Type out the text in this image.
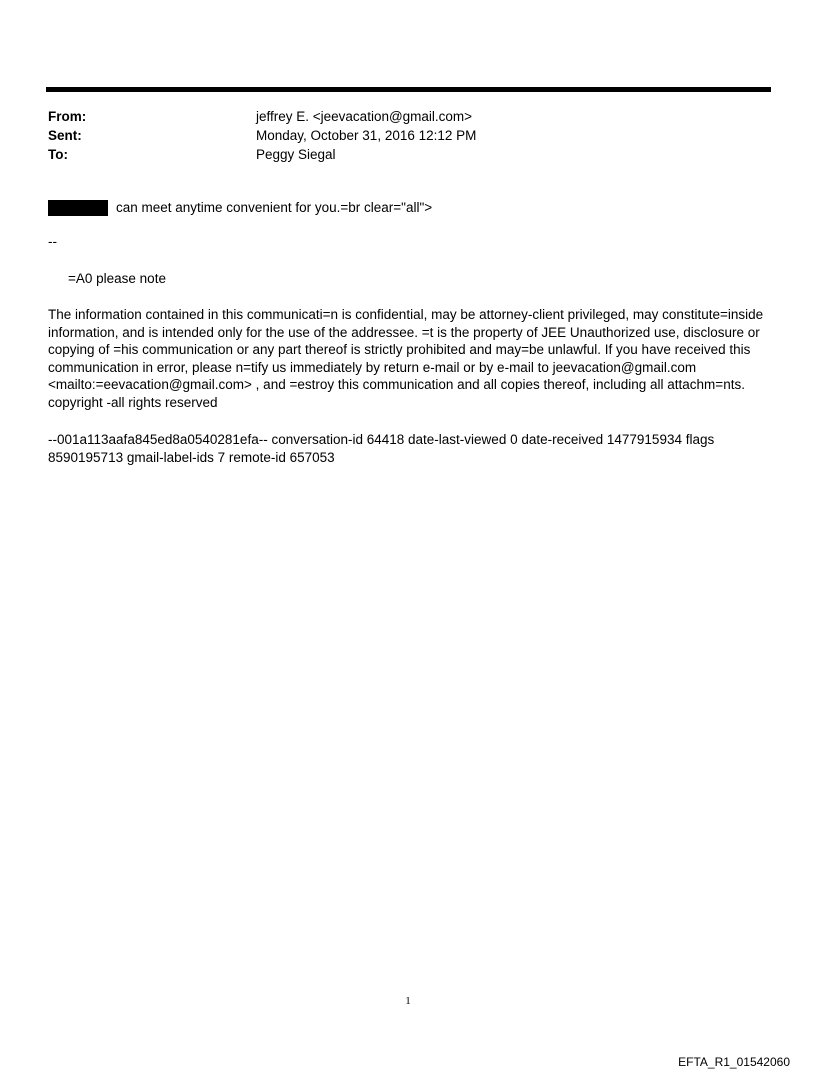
From:	jeffrey E. <jeevacation@gmail.com>
Sent:	Monday, October 31, 2016 12:12 PM
To:	Peggy Siegal
can meet anytime convenient for you.=br clear="all">
--
=A0 please note
The information contained in this communicati=n is confidential, may be attorney-client privileged, may constitute=inside information, and is intended only for the use of the addressee. =t is the property of JEE Unauthorized use, disclosure or copying of =his communication or any part thereof is strictly prohibited and may=be unlawful. If you have received this communication in error, please n=tify us immediately by return e-mail or by e-mail to jeevacation@gmail.com <mailto:=eevacation@gmail.com> , and =estroy this communication and all copies thereof, including all attachm=nts. copyright -all rights reserved
--001a113aafa845ed8a0540281efa-- conversation-id 64418 date-last-viewed 0 date-received 1477915934 flags 8590195713 gmail-label-ids 7 remote-id 657053
1
EFTA_R1_01542060
